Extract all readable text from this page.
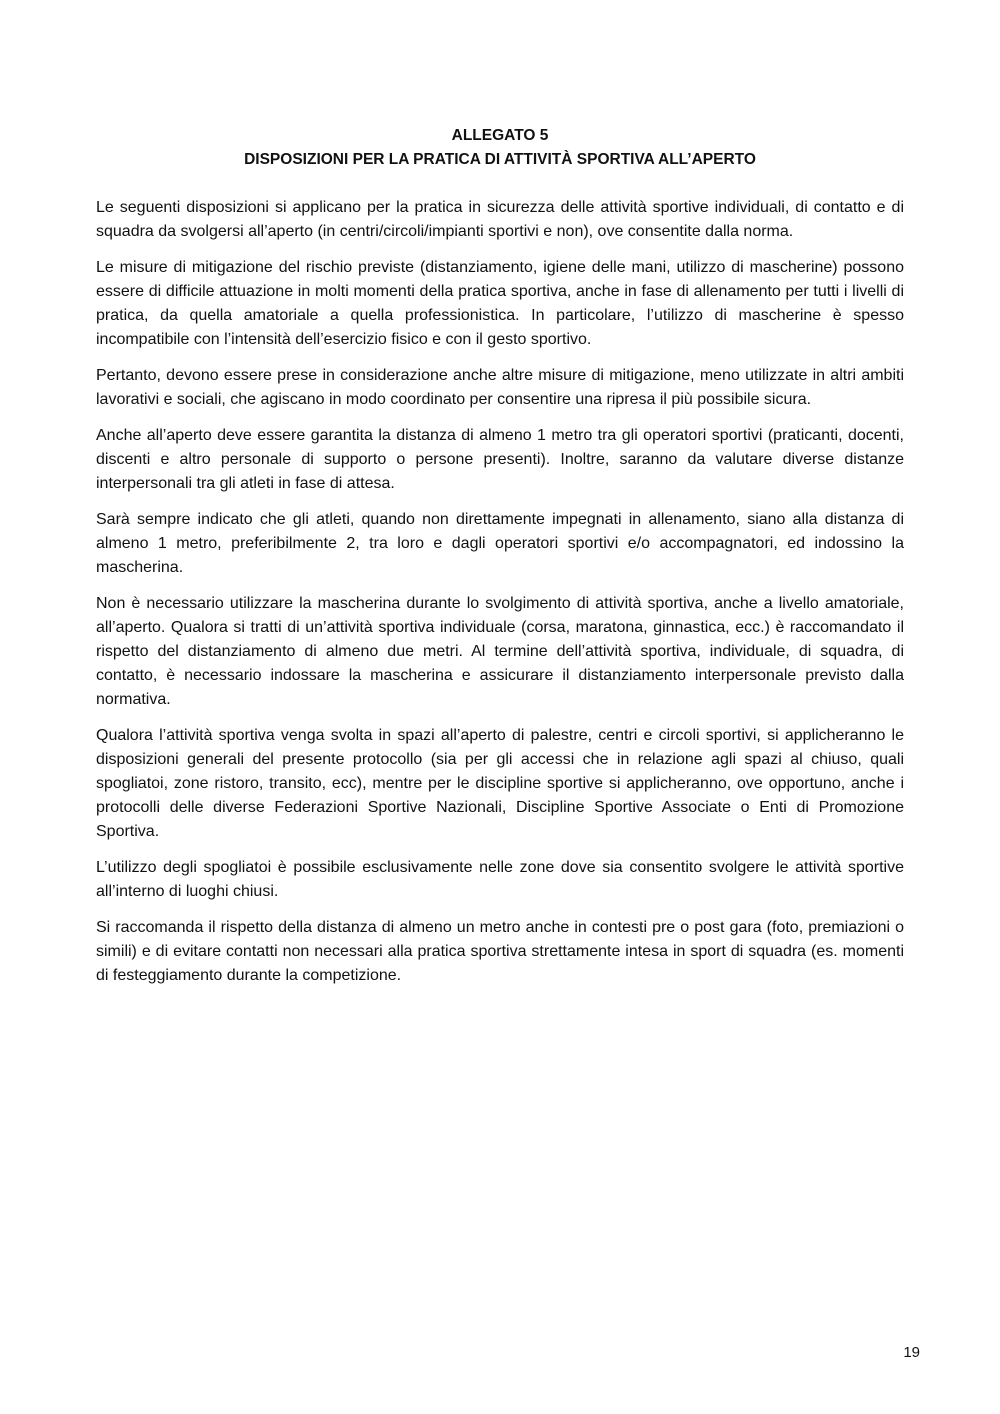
ALLEGATO 5
DISPOSIZIONI PER LA PRATICA DI ATTIVITÀ SPORTIVA ALL’APERTO

Le seguenti disposizioni si applicano per la pratica in sicurezza delle attività sportive individuali, di contatto e di squadra da svolgersi all’aperto (in centri/circoli/impianti sportivi e non), ove consentite dalla norma.

Le misure di mitigazione del rischio previste (distanziamento, igiene delle mani, utilizzo di mascherine) possono essere di difficile attuazione in molti momenti della pratica sportiva, anche in fase di allenamento per tutti i livelli di pratica, da quella amatoriale a quella professionistica. In particolare, l’utilizzo di mascherine è spesso incompatibile con l’intensità dell’esercizio fisico e con il gesto sportivo.

Pertanto, devono essere prese in considerazione anche altre misure di mitigazione, meno utilizzate in altri ambiti lavorativi e sociali, che agiscano in modo coordinato per consentire una ripresa il più possibile sicura.

Anche all’aperto deve essere garantita la distanza di almeno 1 metro tra gli operatori sportivi (praticanti, docenti, discenti e altro personale di supporto o persone presenti). Inoltre, saranno da valutare diverse distanze interpersonali tra gli atleti in fase di attesa.

Sarà sempre indicato che gli atleti, quando non direttamente impegnati in allenamento, siano alla distanza di almeno 1 metro, preferibilmente 2, tra loro e dagli operatori sportivi e/o accompagnatori, ed indossino la mascherina.

Non è necessario utilizzare la mascherina durante lo svolgimento di attività sportiva, anche a livello amatoriale, all’aperto. Qualora si tratti di un’attività sportiva individuale (corsa, maratona, ginnastica, ecc.) è raccomandato il rispetto del distanziamento di almeno due metri. Al termine dell’attività sportiva, individuale, di squadra, di contatto, è necessario indossare la mascherina e assicurare il distanziamento interpersonale previsto dalla normativa.

Qualora l’attività sportiva venga svolta in spazi all’aperto di palestre, centri e circoli sportivi, si applicheranno le disposizioni generali del presente protocollo (sia per gli accessi che in relazione agli spazi al chiuso, quali spogliatoi, zone ristoro, transito, ecc), mentre per le discipline sportive si applicheranno, ove opportuno, anche i protocolli delle diverse Federazioni Sportive Nazionali, Discipline Sportive Associate o Enti di Promozione Sportiva.

L’utilizzo degli spogliatoi è possibile esclusivamente nelle zone dove sia consentito svolgere le attività sportive all’interno di luoghi chiusi.

Si raccomanda il rispetto della distanza di almeno un metro anche in contesti pre o post gara (foto, premiazioni o simili) e di evitare contatti non necessari alla pratica sportiva strettamente intesa in sport di squadra (es. momenti di festeggiamento durante la competizione.

19
